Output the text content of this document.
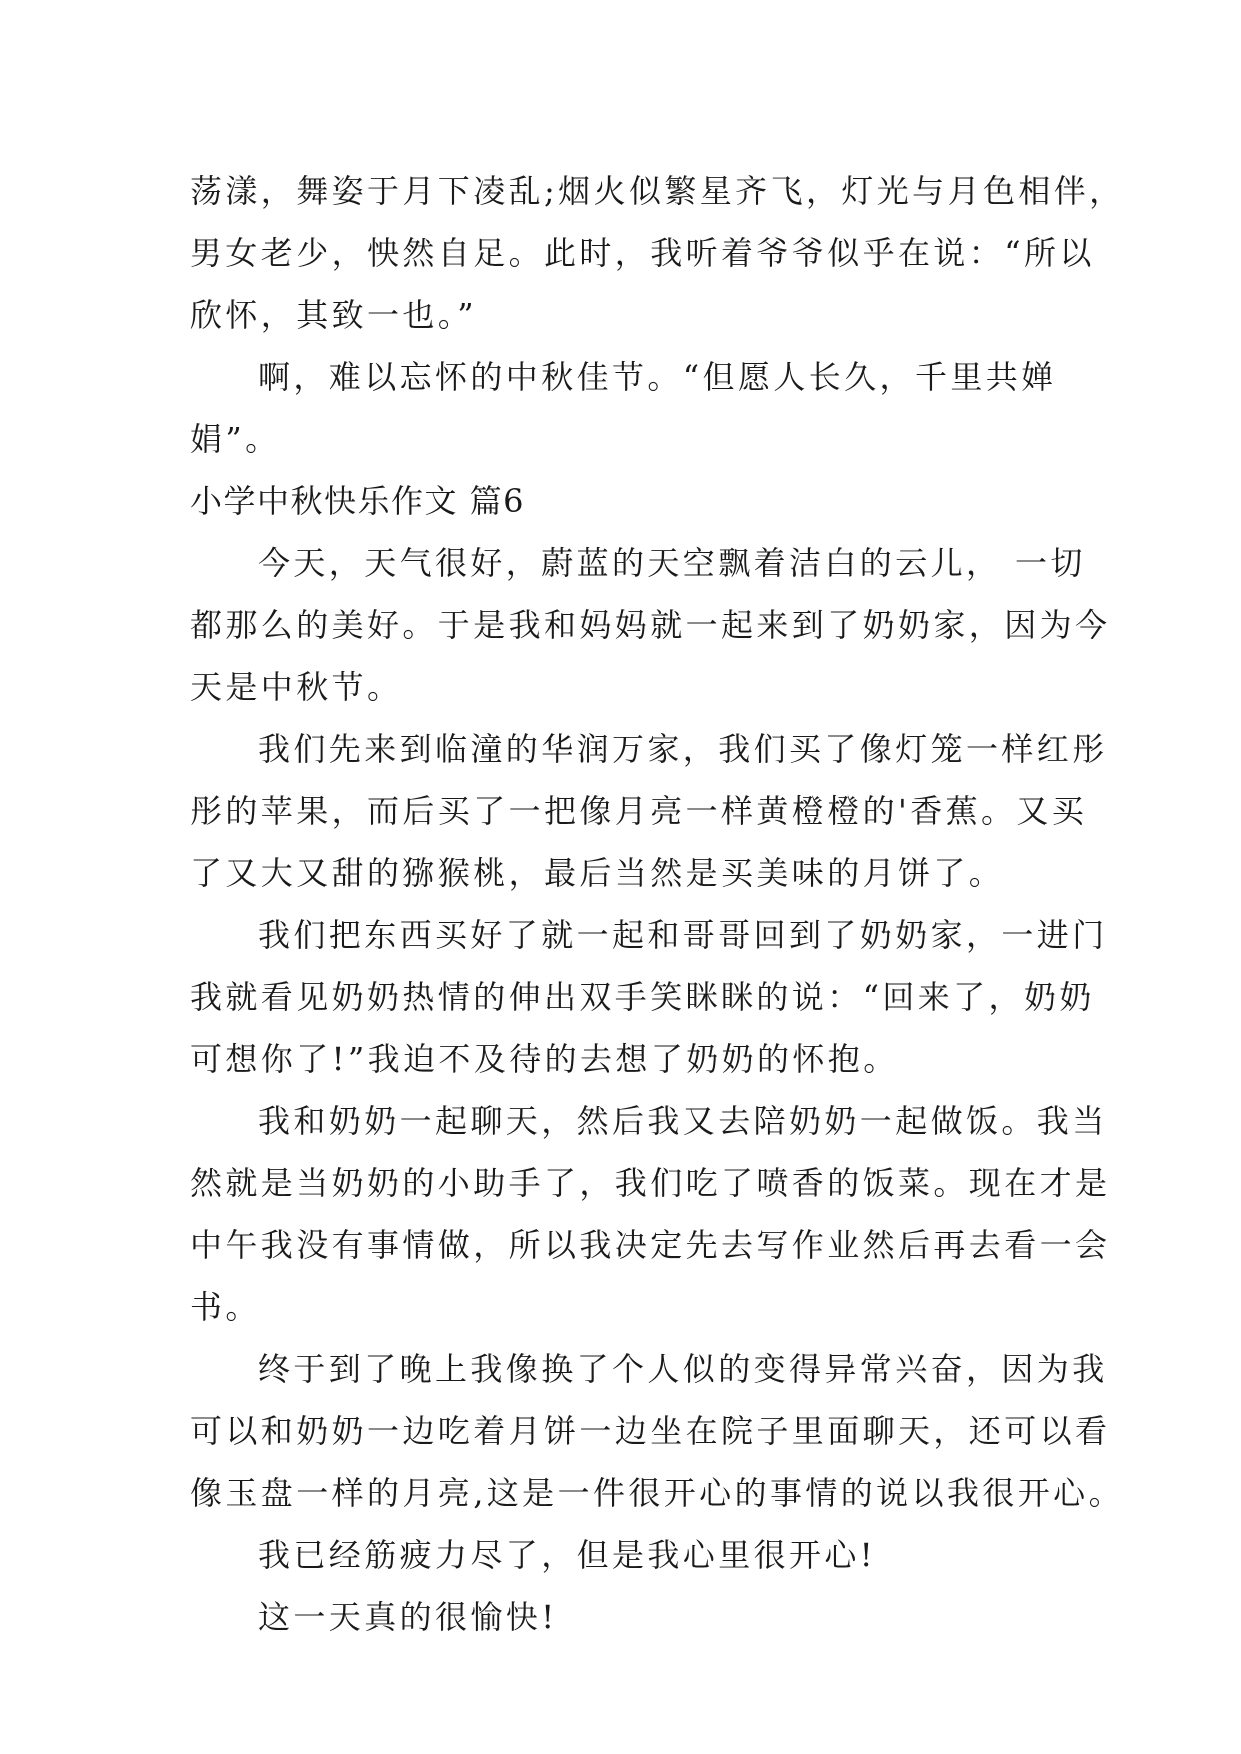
荡漾，舞姿于月下凌乱;烟火似繁星齐飞，灯光与月色相伴，
男女老少，怏然自足。此时，我听着爷爷似乎在说：“所以
欣怀，其致一也。”
啊，难以忘怀的中秋佳节。“但愿人长久，千里共婵
娟”。
小学中秋快乐作文 篇6
今天，天气很好，蔚蓝的天空飘着洁白的云儿， 一切
都那么的美好。于是我和妈妈就一起来到了奶奶家，因为今
天是中秋节。
我们先来到临潼的华润万家，我们买了像灯笼一样红彤
彤的苹果，而后买了一把像月亮一样黄橙橙的'香蕉。又买
了又大又甜的猕猴桃，最后当然是买美味的月饼了。
我们把东西买好了就一起和哥哥回到了奶奶家，一进门
我就看见奶奶热情的伸出双手笑眯眯的说：“回来了，奶奶
可想你了!”我迫不及待的去想了奶奶的怀抱。
我和奶奶一起聊天，然后我又去陪奶奶一起做饭。我当
然就是当奶奶的小助手了，我们吃了喷香的饭菜。现在才是
中午我没有事情做，所以我决定先去写作业然后再去看一会
书。
终于到了晚上我像换了个人似的变得异常兴奋，因为我
可以和奶奶一边吃着月饼一边坐在院子里面聊天，还可以看
像玉盘一样的月亮,这是一件很开心的事情的说以我很开心。
我已经筋疲力尽了，但是我心里很开心!
这一天真的很愉快!
